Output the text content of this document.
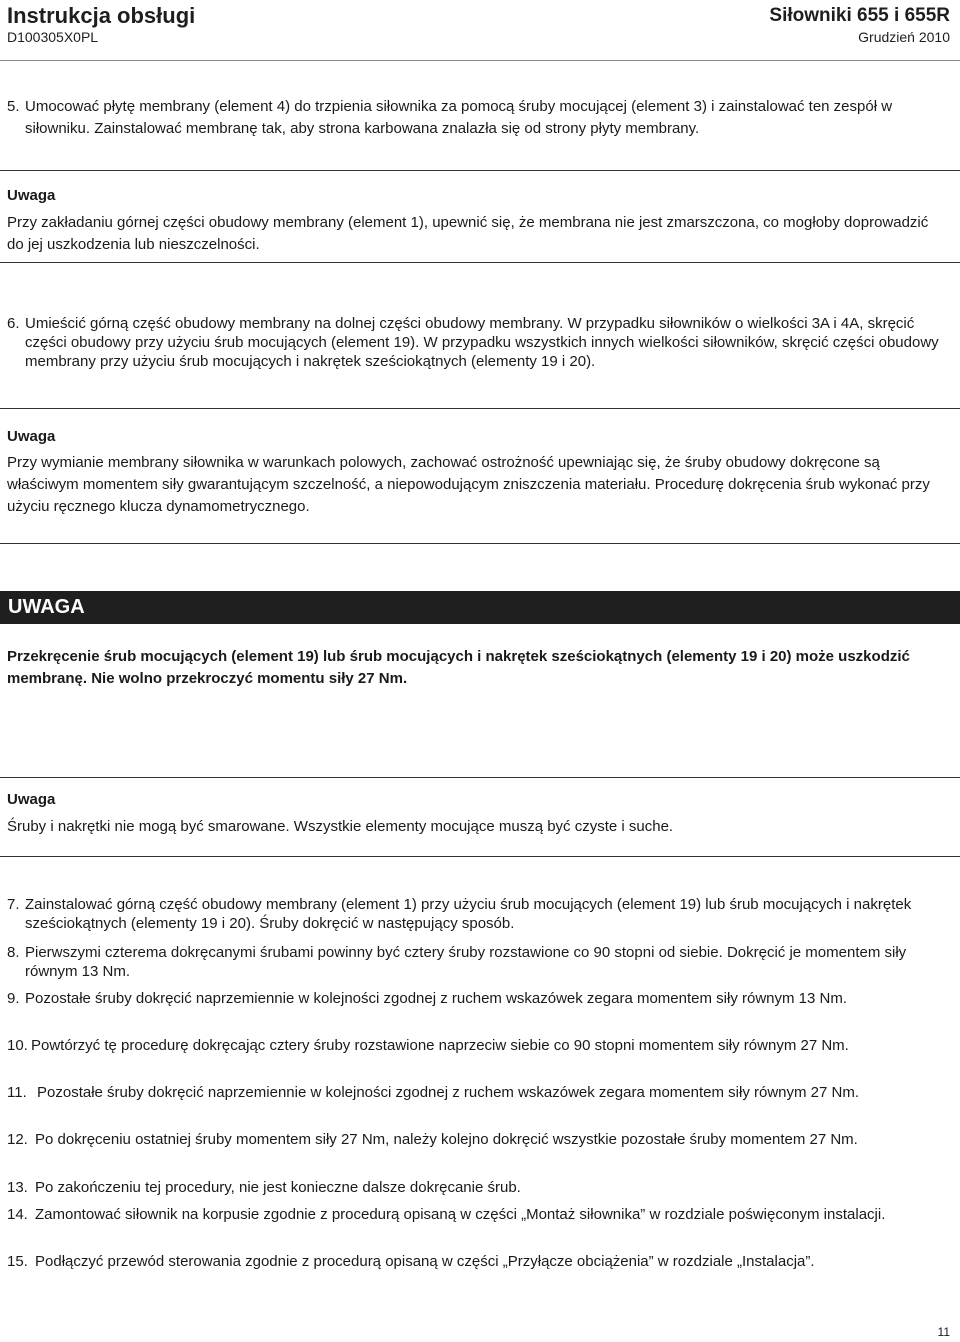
Instrukcja obsługi
D100305X0PL
Siłowniki 655 i 655R
Grudzień 2010
5. Umocować płytę membrany (element 4) do trzpienia siłownika za pomocą śruby mocującej (element 3) i zainstalować ten zespół w siłowniku. Zainstalować membranę tak, aby strona karbowana znalazła się od strony płyty membrany.
Uwaga
Przy zakładaniu górnej części obudowy membrany (element 1), upewnić się, że membrana nie jest zmarszczona, co mogłoby doprowadzić do jej uszkodzenia lub nieszczelności.
6. Umieścić górną część obudowy membrany na dolnej części obudowy membrany. W przypadku siłowników o wielkości 3A i 4A, skręcić części obudowy przy użyciu śrub mocujących (element 19). W przypadku wszystkich innych wielkości siłowników, skręcić części obudowy membrany przy użyciu śrub mocujących i nakrętek sześciokątnych (elementy 19 i 20).
Uwaga
Przy wymianie membrany siłownika w warunkach polowych, zachować ostrożność upewniając się, że śruby obudowy dokręcone są właściwym momentem siły gwarantującym szczelność, a niepowodującym zniszczenia materiału. Procedurę dokręcenia śrub wykonać przy użyciu ręcznego klucza dynamometrycznego.
UWAGA
Przekręcenie śrub mocujących (element 19) lub śrub mocujących i nakrętek sześciokątnych (elementy 19 i 20) może uszkodzić membranę. Nie wolno przekroczyć momentu siły 27 Nm.
Uwaga
Śruby i nakrętki nie mogą być smarowane. Wszystkie elementy mocujące muszą być czyste i suche.
7. Zainstalować górną część obudowy membrany (element 1) przy użyciu śrub mocujących (element 19) lub śrub mocujących i nakrętek sześciokątnych (elementy 19 i 20). Śruby dokręcić w następujący sposób.
8. Pierwszymi czterema dokręcanymi śrubami powinny być cztery śruby rozstawione co 90 stopni od siebie. Dokręcić je momentem siły równym 13 Nm.
9. Pozostałe śruby dokręcić naprzemiennie w kolejności zgodnej z ruchem wskazówek zegara momentem siły równym 13 Nm.
10. Powtórzyć tę procedurę dokręcając cztery śruby rozstawione naprzeciw siebie co 90 stopni momentem siły równym 27 Nm.
11. Pozostałe śruby dokręcić naprzemiennie w kolejności zgodnej z ruchem wskazówek zegara momentem siły równym 27 Nm.
12. Po dokręceniu ostatniej śruby momentem siły 27 Nm, należy kolejno dokręcić wszystkie pozostałe śruby momentem 27 Nm.
13. Po zakończeniu tej procedury, nie jest konieczne dalsze dokręcanie śrub.
14. Zamontować siłownik na korpusie zgodnie z procedurą opisaną w części „Montaż siłownika” w rozdziale poświęconym instalacji.
15. Podłączyć przewód sterowania zgodnie z procedurą opisaną w części „Przyłącze obciążenia” w rozdziale „Instalacja”.
11
